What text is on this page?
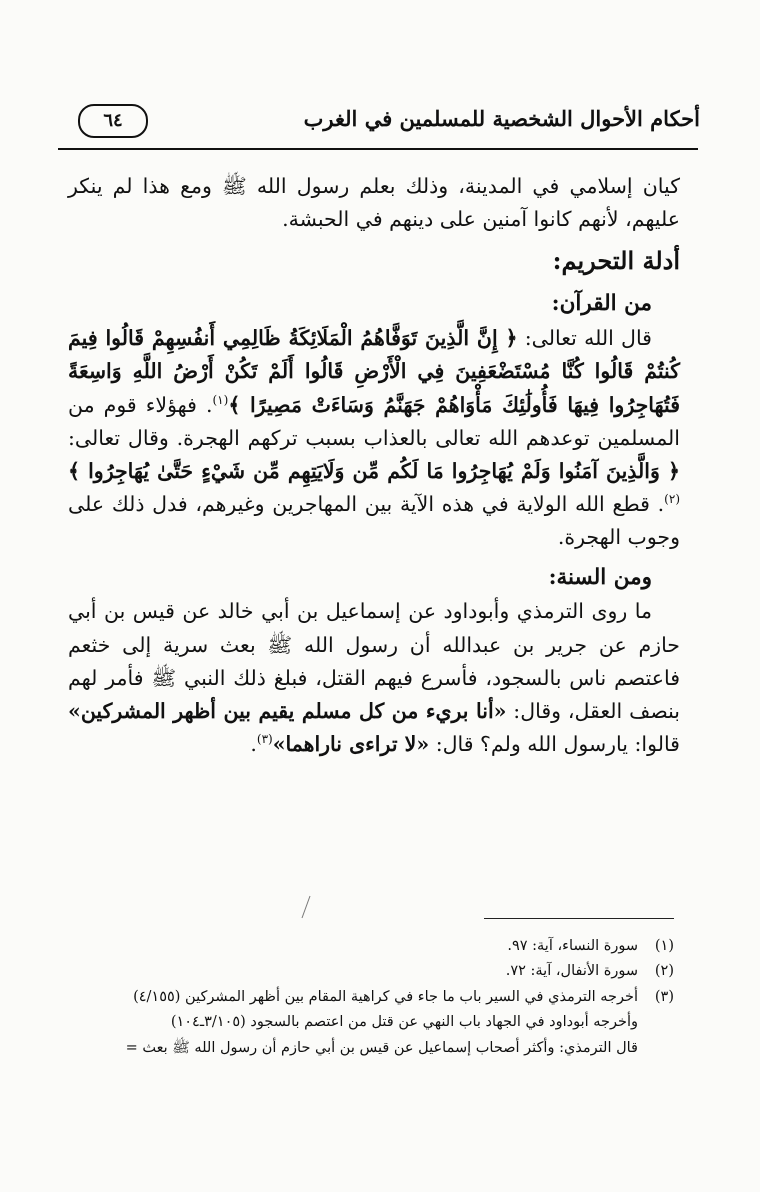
أحكام الأحوال الشخصية للمسلمين في الغرب
٦٤

كيان إسلامي في المدينة، وذلك بعلم رسول الله ﷺ ومع هذا لم ينكر عليهم، لأنهم كانوا آمنين على دينهم في الحبشة.

أدلة التحريم:

من القرآن:

قال الله تعالى: ﴿ إِنَّ الَّذِينَ تَوَفَّاهُمُ الْمَلَائِكَةُ ظَالِمِي أَنفُسِهِمْ قَالُوا فِيمَ كُنتُمْ قَالُوا كُنَّا مُسْتَضْعَفِينَ فِي الْأَرْضِ قَالُوا أَلَمْ تَكُنْ أَرْضُ اللَّهِ وَاسِعَةً فَتُهَاجِرُوا فِيهَا فَأُولَٰئِكَ مَأْوَاهُمْ جَهَنَّمُ وَسَاءَتْ مَصِيرًا ﴾$^{(١)}$. فهؤلاء قوم من المسلمين توعدهم الله تعالى بالعذاب بسبب تركهم الهجرة. وقال تعالى: ﴿ وَالَّذِينَ آمَنُوا وَلَمْ يُهَاجِرُوا مَا لَكُم مِّن وَلَايَتِهِم مِّن شَيْءٍ حَتَّىٰ يُهَاجِرُوا ﴾$^{(٢)}$. قطع الله الولاية في هذه الآية بين المهاجرين وغيرهم، فدل ذلك على وجوب الهجرة.

ومن السنة:

ما روى الترمذي وأبوداود عن إسماعيل بن أبي خالد عن قيس بن أبي حازم عن جرير بن عبدالله أن رسول الله ﷺ بعث سرية إلى خثعم فاعتصم ناس بالسجود، فأسرع فيهم القتل، فبلغ ذلك النبي ﷺ فأمر لهم بنصف العقل، وقال: «أنا بريء من كل مسلم يقيم بين أظهر المشركين» قالوا: يارسول الله ولم؟ قال: «لا تراءى ناراهما»$^{(٣)}$.

(١)سورة النساء، آية: ٩٧.

(٢)سورة الأنفال، آية: ٧٢.

(٣)أخرجه الترمذي في السير باب ما جاء في كراهية المقام بين أظهر المشركين (٤/١٥٥)

وأخرجه أبوداود في الجهاد باب النهي عن قتل من اعتصم بالسجود (٣/١٠٥ـ١٠٤)

قال الترمذي: وأكثر أصحاب إسماعيل عن قيس بن أبي حازم أن رسول الله ﷺ بعث =
